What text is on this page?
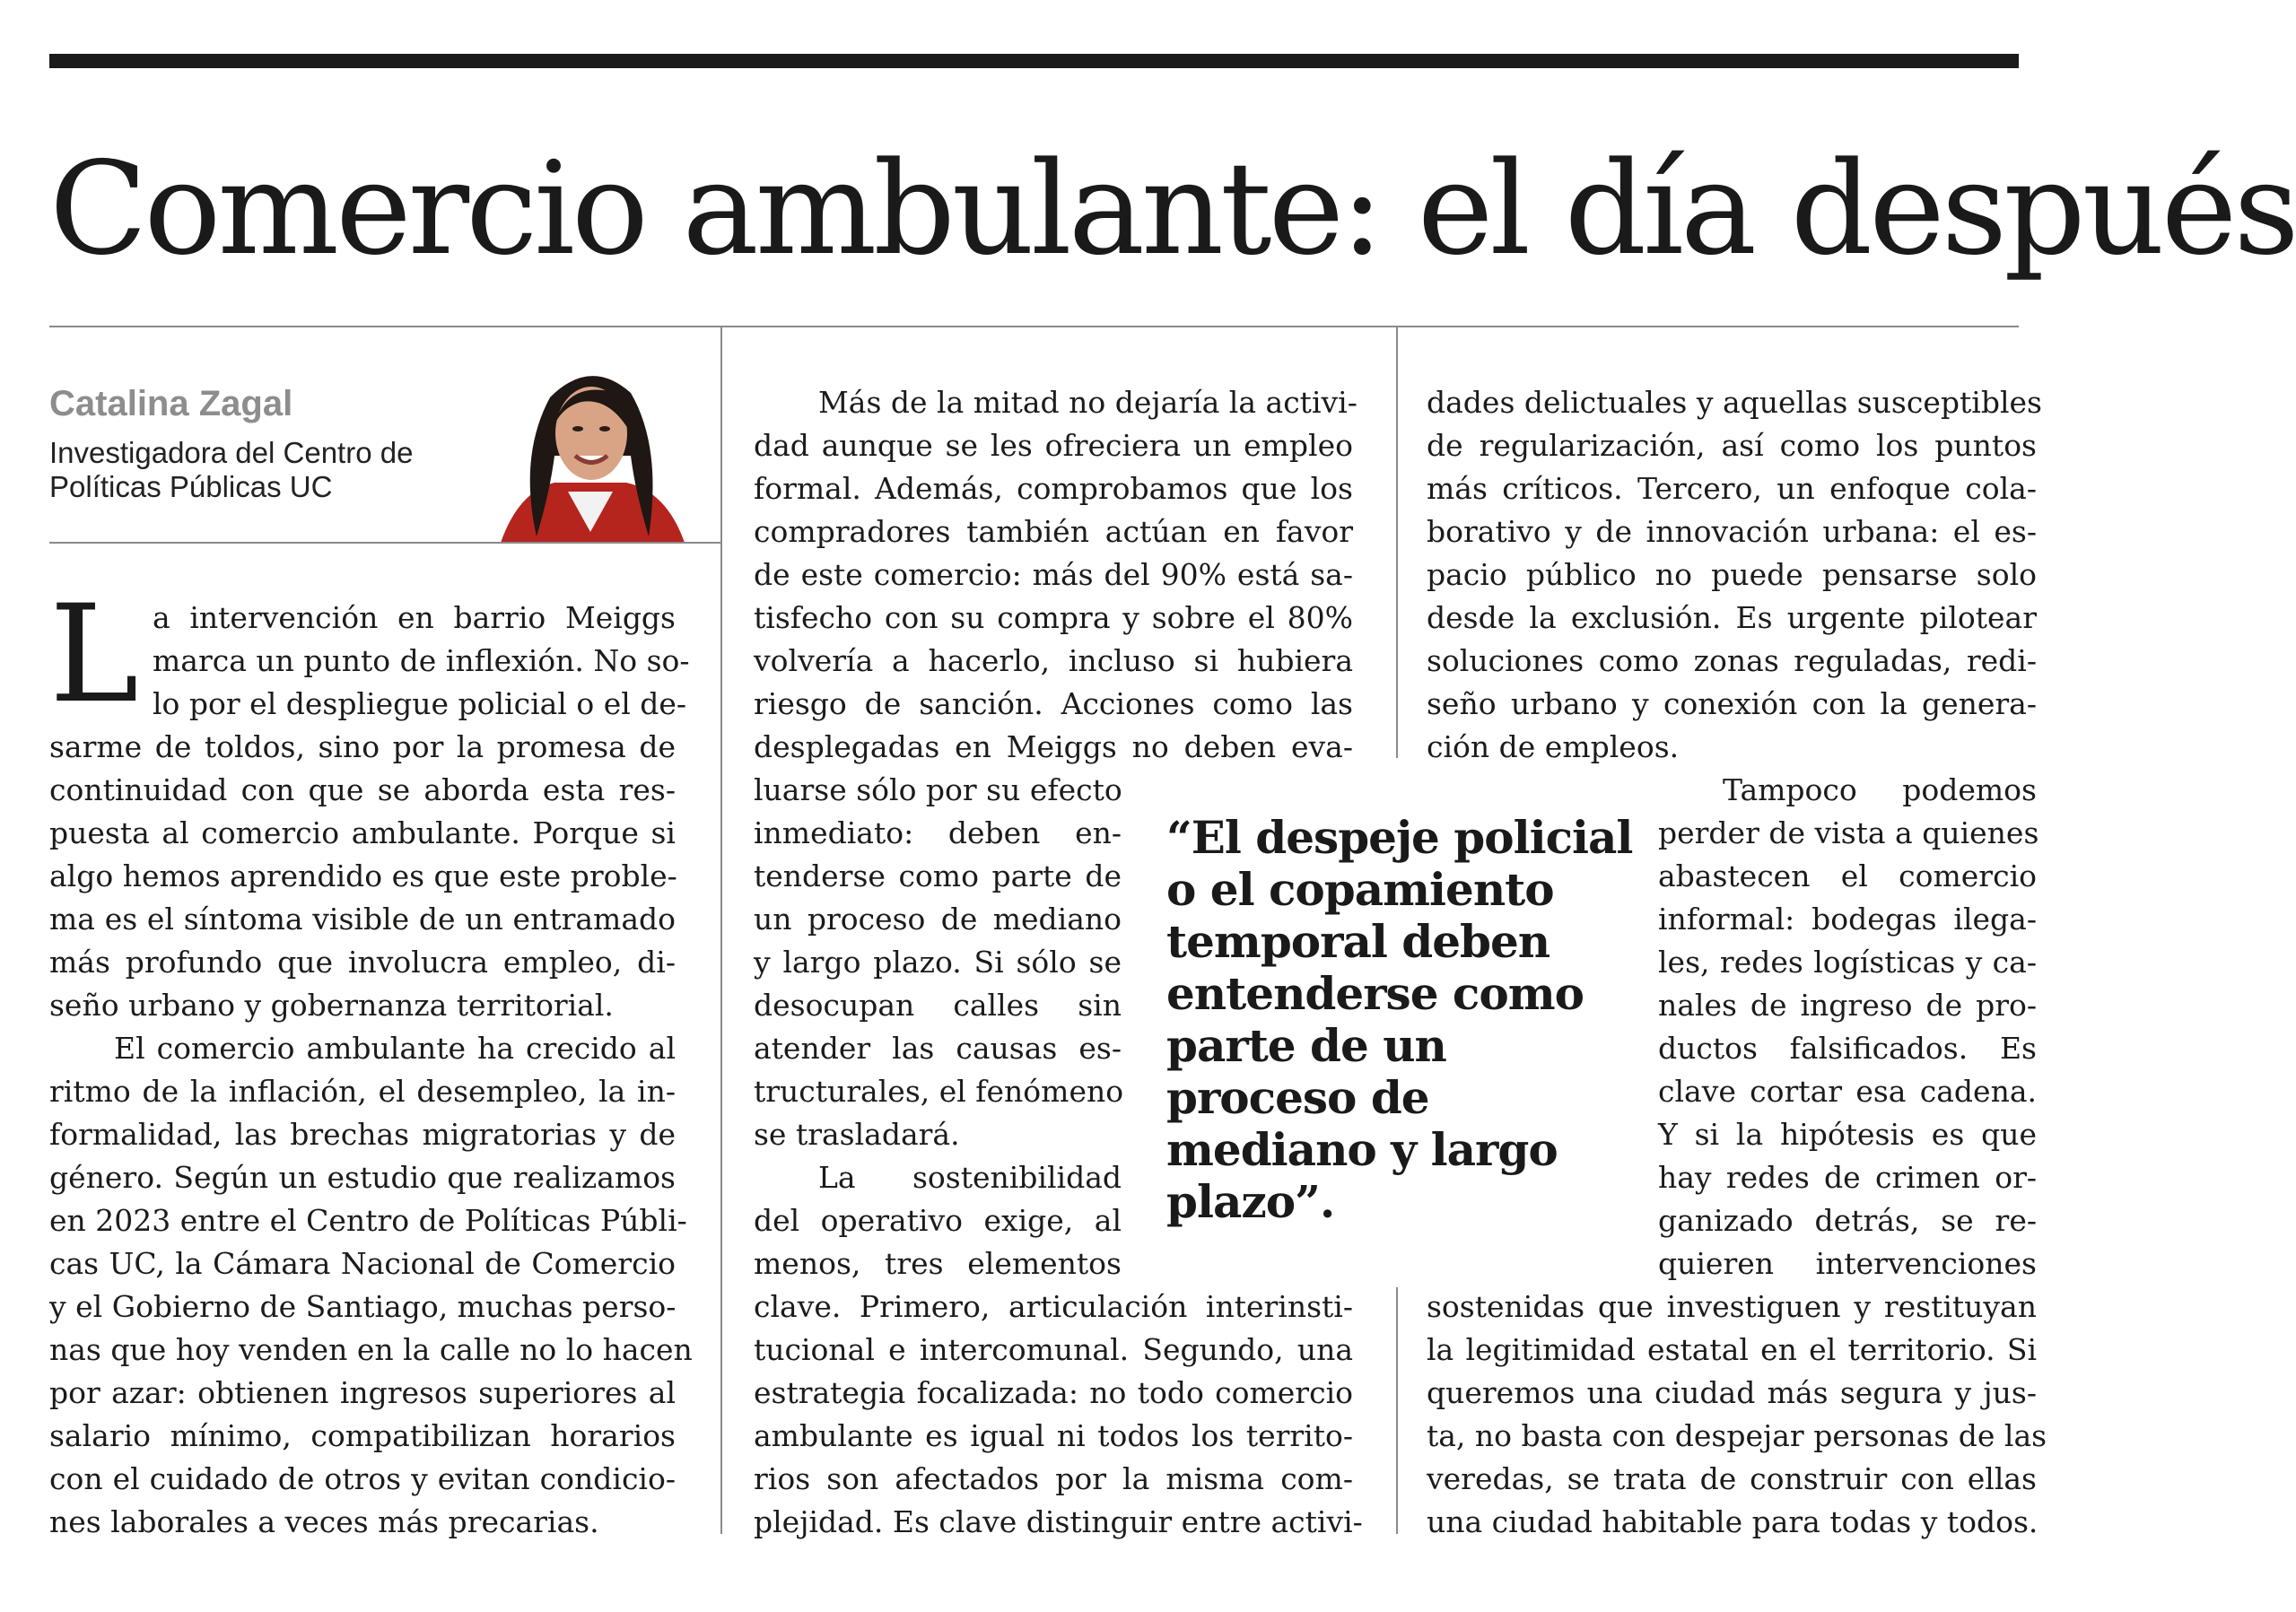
Comercio ambulante: el día después
Catalina Zagal
Investigadora del Centro de
Políticas Públicas UC
L a intervención en barrio Meiggs
marca un punto de inflexión. No so-
lo por el despliegue policial o el de-
sarme de toldos, sino por la promesa de
continuidad con que se aborda esta res-
puesta al comercio ambulante. Porque si
algo hemos aprendido es que este proble-
ma es el síntoma visible de un entramado
más profundo que involucra empleo, di-
seño urbano y gobernanza territorial.
El comercio ambulante ha crecido al
ritmo de la inflación, el desempleo, la in-
formalidad, las brechas migratorias y de
género. Según un estudio que realizamos
en 2023 entre el Centro de Políticas Públi-
cas UC, la Cámara Nacional de Comercio
y el Gobierno de Santiago, muchas perso-
nas que hoy venden en la calle no lo hacen
por azar: obtienen ingresos superiores al
salario mínimo, compatibilizan horarios
con el cuidado de otros y evitan condicio-
nes laborales a veces más precarias.
Más de la mitad no dejaría la activi-
dad aunque se les ofreciera un empleo
formal. Además, comprobamos que los
compradores también actúan en favor
de este comercio: más del 90% está sa-
tisfecho con su compra y sobre el 80%
volvería a hacerlo, incluso si hubiera
riesgo de sanción. Acciones como las
desplegadas en Meiggs no deben eva-
luarse sólo por su efecto
inmediato: deben en-
tenderse como parte de
un proceso de mediano
y largo plazo. Si sólo se
desocupan calles sin
atender las causas es-
tructurales, el fenómeno
se trasladará.
La sostenibilidad
del operativo exige, al
menos, tres elementos
clave. Primero, articulación interinsti-
tucional e intercomunal. Segundo, una
estrategia focalizada: no todo comercio
ambulante es igual ni todos los territo-
rios son afectados por la misma com-
plejidad. Es clave distinguir entre activi-
“El despeje policial
o el copamiento
temporal deben
entenderse como
parte de un
proceso de
mediano y largo
plazo”.
dades delictuales y aquellas susceptibles
de regularización, así como los puntos
más críticos. Tercero, un enfoque cola-
borativo y de innovación urbana: el es-
pacio público no puede pensarse solo
desde la exclusión. Es urgente pilotear
soluciones como zonas reguladas, redi-
seño urbano y conexión con la genera-
ción de empleos.
Tampoco podemos
perder de vista a quienes
abastecen el comercio
informal: bodegas ilega-
les, redes logísticas y ca-
nales de ingreso de pro-
ductos falsificados. Es
clave cortar esa cadena.
Y si la hipótesis es que
hay redes de crimen or-
ganizado detrás, se re-
quieren intervenciones
sostenidas que investiguen y restituyan
la legitimidad estatal en el territorio. Si
queremos una ciudad más segura y jus-
ta, no basta con despejar personas de las
veredas, se trata de construir con ellas
una ciudad habitable para todas y todos.
